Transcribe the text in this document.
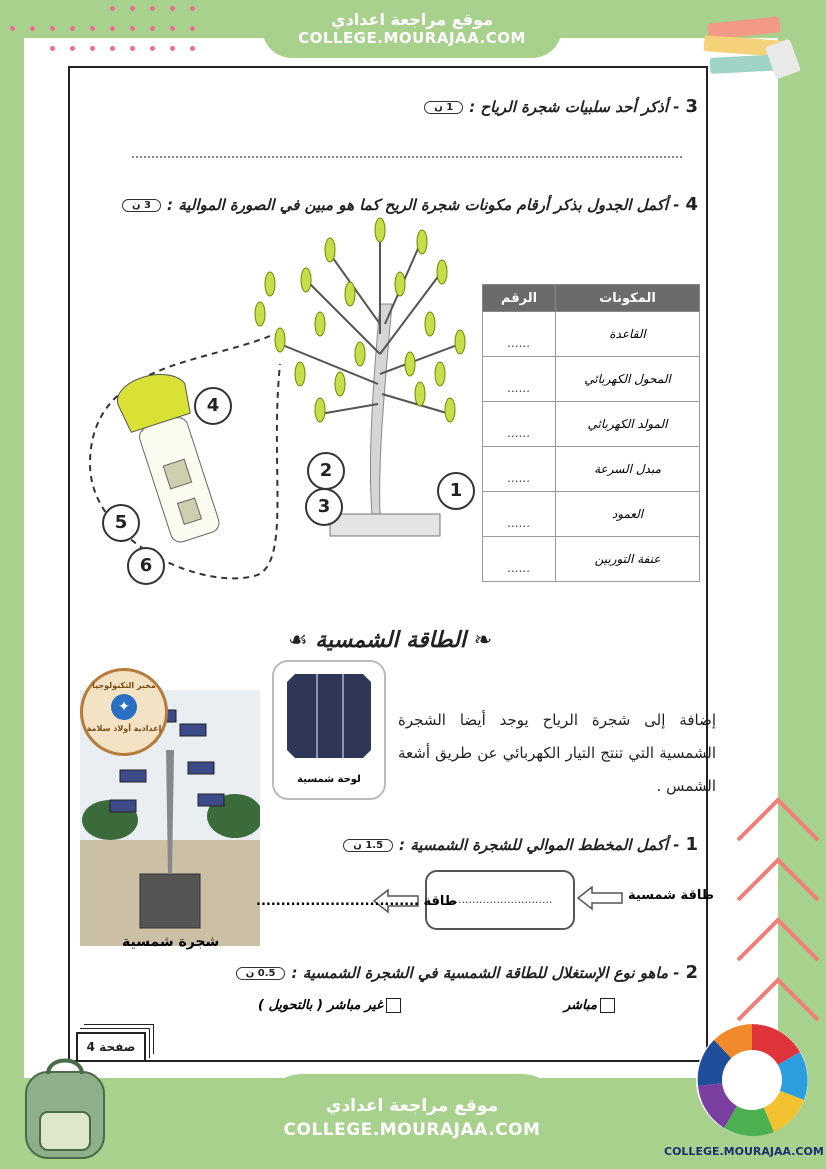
موقع مراجعة اعدادي
COLLEGE.MOURAJAA.COM
3- أذكر أحد سلبيات شجرة الرياح :1 ن
4- أكمل الجدول بذكر أرقام مكونات شجرة الريح كما هو مبين في الصورة الموالية :3 ن
2
3
1
4
5
6
المكونات	الرقم
القاعدة	......
المحول الكهربائي	......
المولد الكهربائي	......
مبدل السرعة	......
العمود	......
عنفة التوربين	......
❧ الطاقة الشمسية ☙
شجرة شمسية
مخبر التكنولوجيا
✦
إعدادية أولاد سلامة
لوحة شمسية
إضافة إلى شجرة الرياح يوجد أيضا الشجرة الشمسية التي تنتج التيار الكهربائي عن طريق أشعة الشمس .
1- أكمل المخطط الموالي للشجرة الشمسية :1.5 ن
طاقة شمسية
..............................
طاقة .................................
2- ماهو نوع الإستغلال للطاقة الشمسية في الشجرة الشمسية :0.5 ن
مباشر
غير مباشر ( بالتحويل )
صفحة 4
موقع مراجعة اعدادي
COLLEGE.MOURAJAA.COM
COLLEGE.MOURAJAA.COM
